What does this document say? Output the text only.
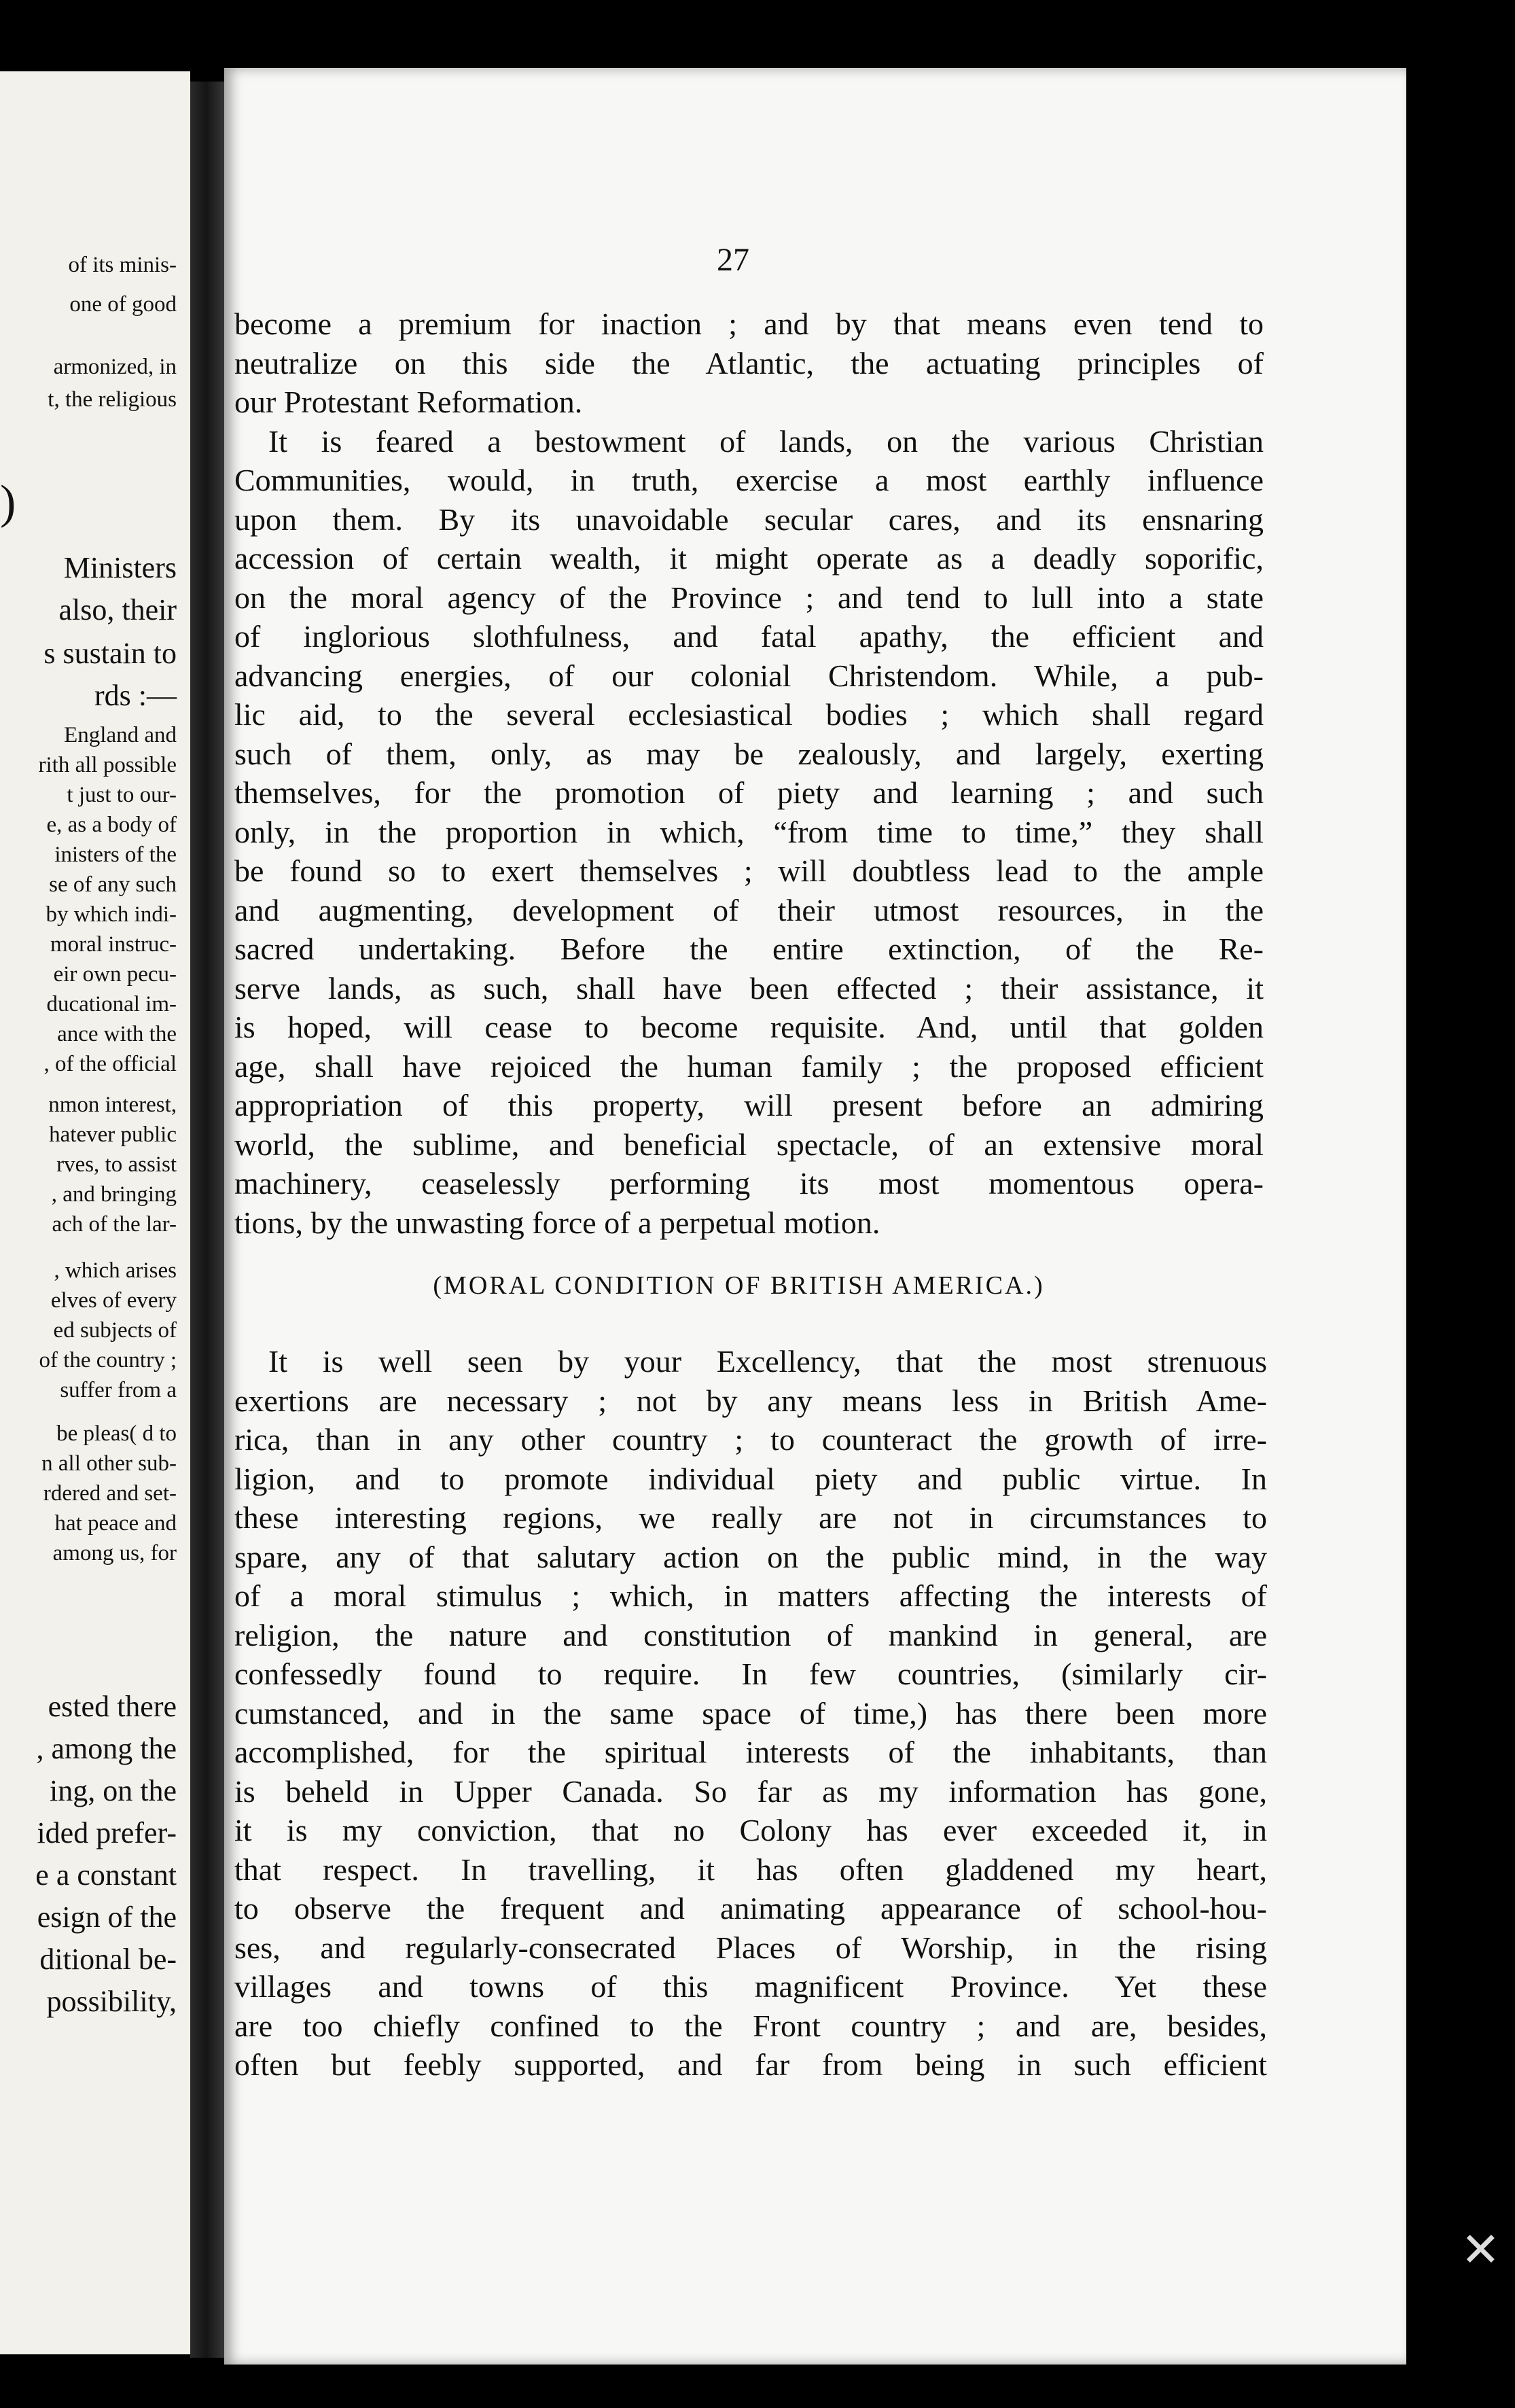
of its minis-
one of good
armonized, in
t, the religious
)
Ministers
also, their
s sustain to
rds :—
England and
rith all possible
t just to our-
e, as a body of
inisters of the
se of any such
by which indi-
moral instruc-
eir own pecu-
ducational im-
ance with the
, of the official
nmon interest,
hatever public
rves, to assist
, and bringing
ach of the lar-
, which arises
elves of every
ed subjects of
of the country ;
suffer from a
be pleas( d to
n all other sub-
rdered and set-
hat peace and
among us, for
ested there
, among the
ing, on the
ided prefer-
e a constant
esign of the
ditional be-
possibility,
27
become a premium for inaction ; and by that means even tend to
neutralize on this side the Atlantic, the actuating principles of
our Protestant Reformation.
It is feared a bestowment of lands, on the various Christian
Communities, would, in truth, exercise a most earthly influence
upon them. By its unavoidable secular cares, and its ensnaring
accession of certain wealth, it might operate as a deadly soporific,
on the moral agency of the Province ; and tend to lull into a state
of inglorious slothfulness, and fatal apathy, the efficient and
advancing energies, of our colonial Christendom. While, a pub-
lic aid, to the several ecclesiastical bodies ; which shall regard
such of them, only, as may be zealously, and largely, exerting
themselves, for the promotion of piety and learning ; and such
only, in the proportion in which, “from time to time,” they shall
be found so to exert themselves ; will doubtless lead to the ample
and augmenting, development of their utmost resources, in the
sacred undertaking. Before the entire extinction, of the Re-
serve lands, as such, shall have been effected ; their assistance, it
is hoped, will cease to become requisite. And, until that golden
age, shall have rejoiced the human family ; the proposed efficient
appropriation of this property, will present before an admiring
world, the sublime, and beneficial spectacle, of an extensive moral
machinery, ceaselessly performing its most momentous opera-
tions, by the unwasting force of a perpetual motion.
(MORAL CONDITION OF BRITISH AMERICA.)
It is well seen by your Excellency, that the most strenuous
exertions are necessary ; not by any means less in British Ame-
rica, than in any other country ; to counteract the growth of irre-
ligion, and to promote individual piety and public virtue. In
these interesting regions, we really are not in circumstances to
spare, any of that salutary action on the public mind, in the way
of a moral stimulus ; which, in matters affecting the interests of
religion, the nature and constitution of mankind in general, are
confessedly found to require. In few countries, (similarly cir-
cumstanced, and in the same space of time,) has there been more
accomplished, for the spiritual interests of the inhabitants, than
is beheld in Upper Canada. So far as my information has gone,
it is my conviction, that no Colony has ever exceeded it, in
that respect. In travelling, it has often gladdened my heart,
to observe the frequent and animating appearance of school-hou-
ses, and regularly-consecrated Places of Worship, in the rising
villages and towns of this magnificent Province. Yet these
are too chiefly confined to the Front country ; and are, besides,
often but feebly supported, and far from being in such efficient
✕
